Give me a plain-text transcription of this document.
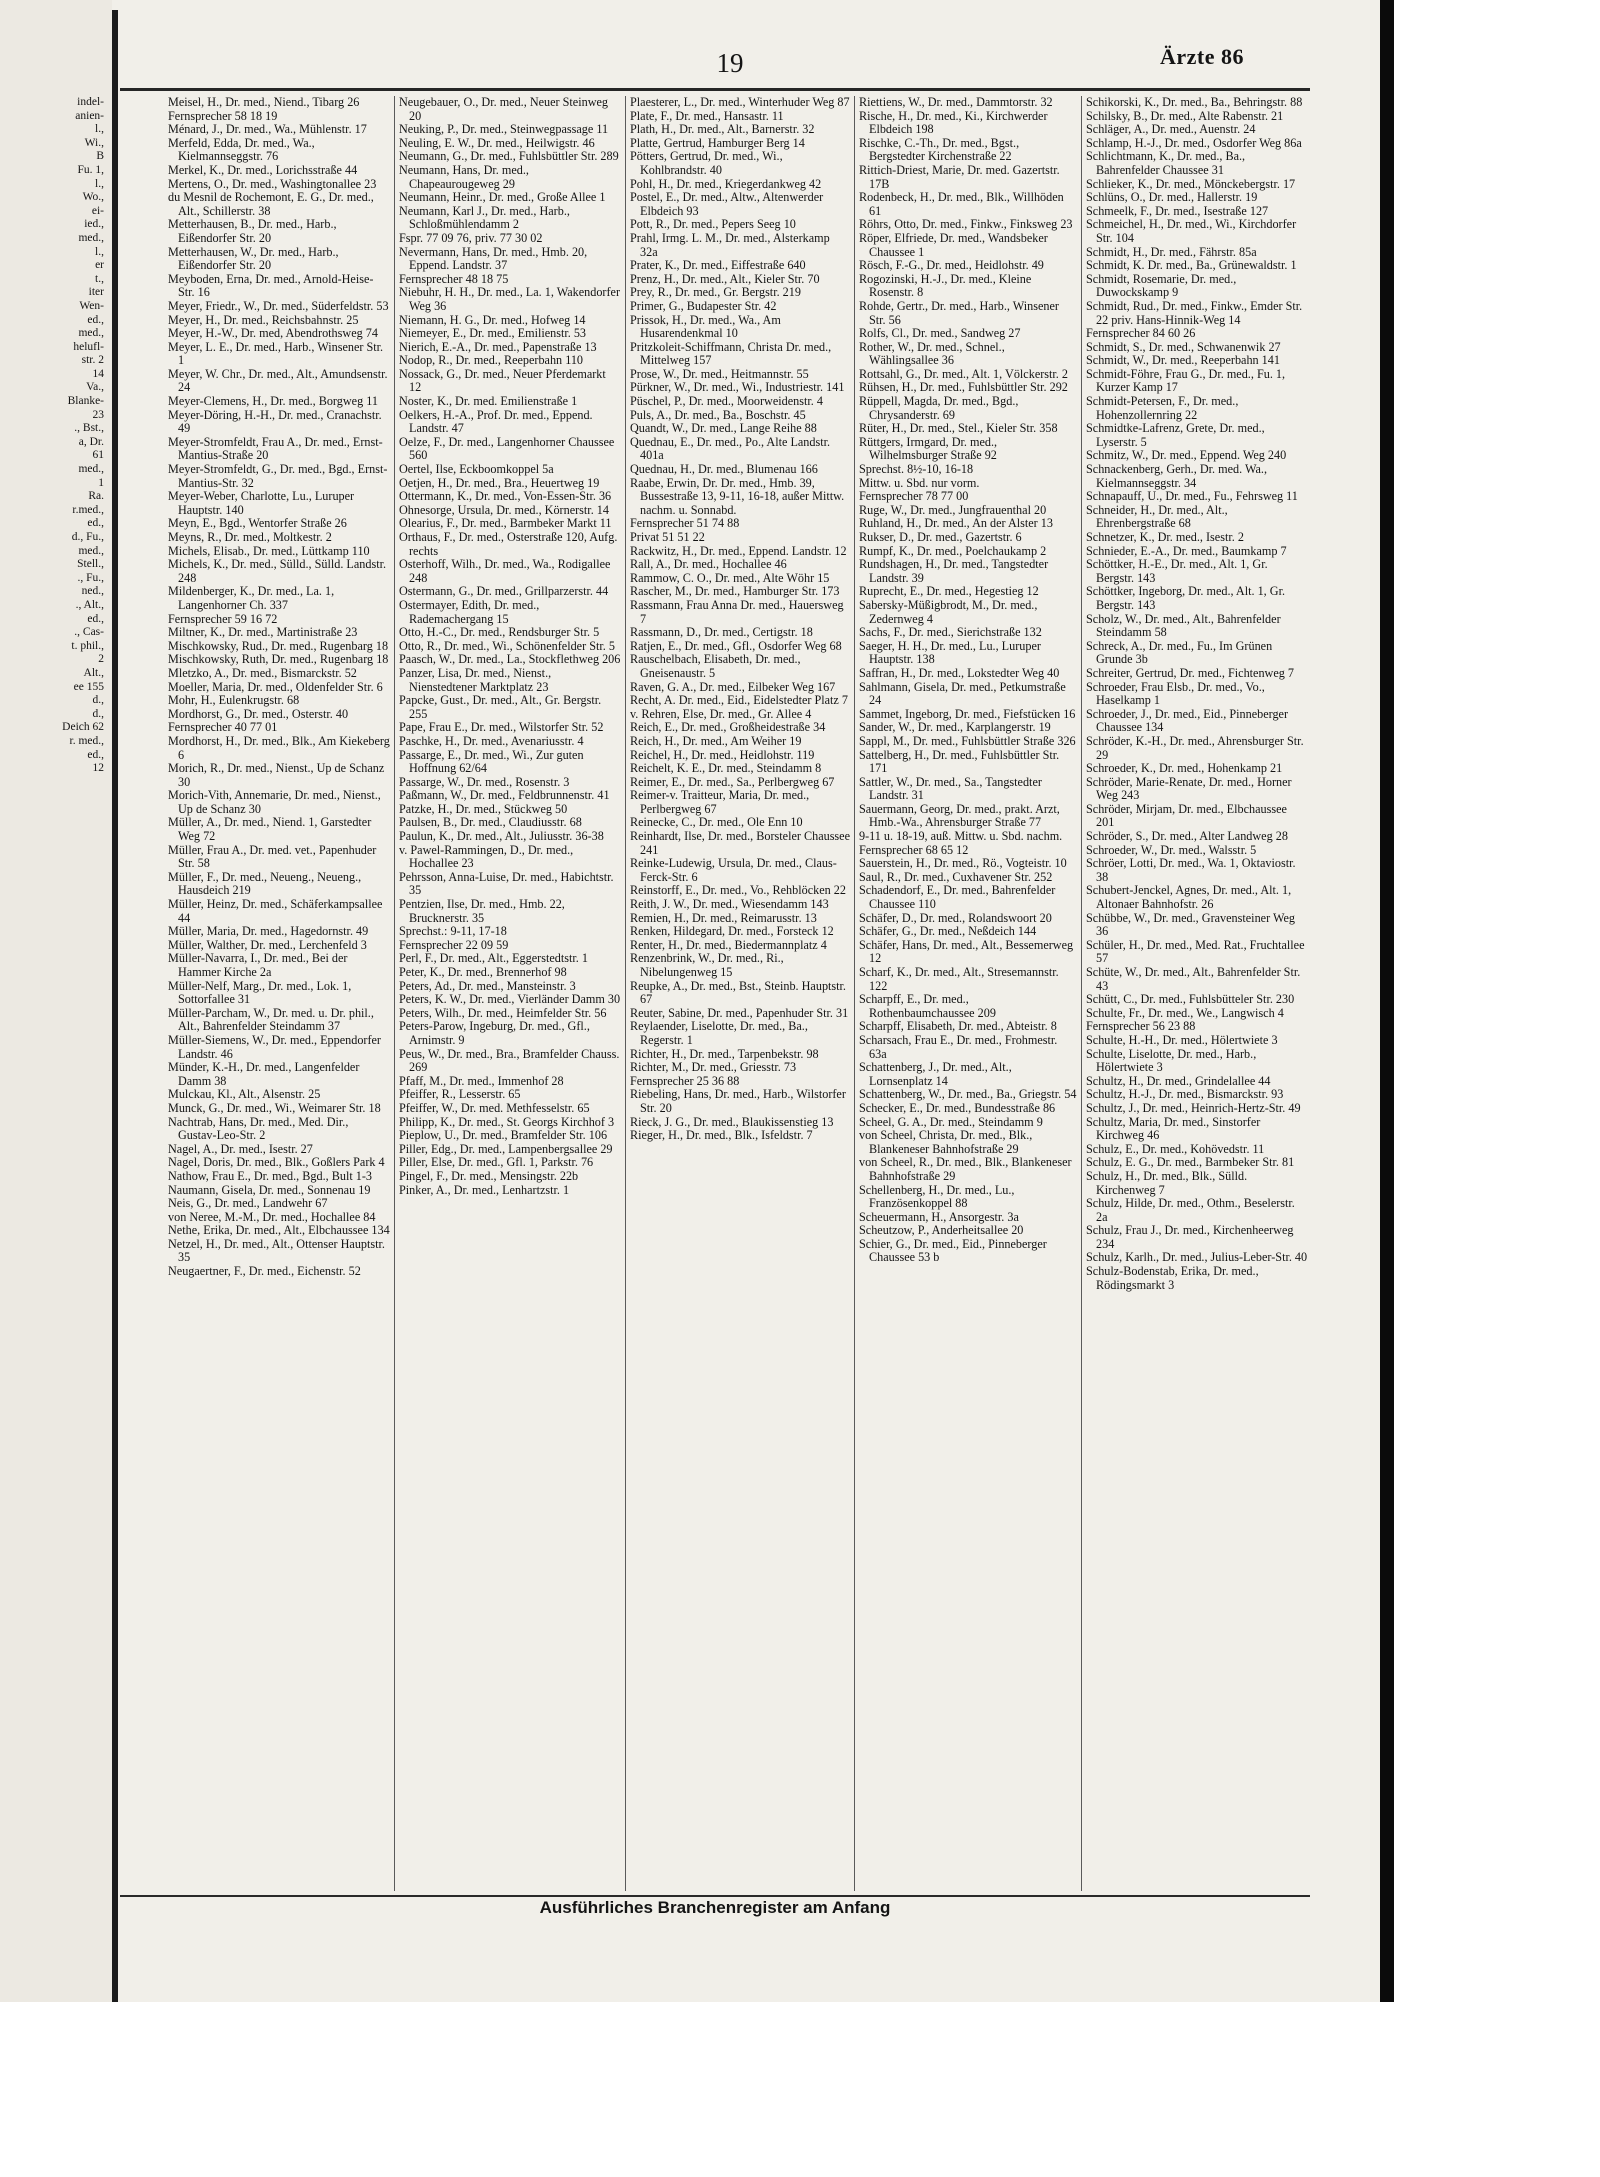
indel-
anien-
l.,
Wi.,
B
Fu. 1,
l.,
Wo.,
ei-
ied.,
med.,
l.,
er
t.,
iter
Wen-
ed.,
med.,
helufl-
str. 2
14
Va.,
Blanke-
23
., Bst.,
a, Dr.
61
med.,
1
Ra.
r.med.,
ed.,
d., Fu.,
med.,
Stell.,
., Fu.,
ned.,
., Alt.,
ed.,
., Cas-
t. phil.,
2
Alt.,
ee 155
d.,
d.,
Deich 62
r. med.,
ed.,
12
19	Ärzte 86

Meisel, H., Dr. med., Niend., Tibarg 26

Fernsprecher 58 18 19

Ménard, J., Dr. med., Wa., Mühlenstr. 17

Merfeld, Edda, Dr. med., Wa., Kielmannseggstr. 76

Merkel, K., Dr. med., Lorichsstraße 44

Mertens, O., Dr. med., Washingtonallee 23

du Mesnil de Rochemont, E. G., Dr. med., Alt., Schillerstr. 38

Metterhausen, B., Dr. med., Harb., Eißendorfer Str. 20

Metterhausen, W., Dr. med., Harb., Eißendorfer Str. 20

Meyboden, Erna, Dr. med., Arnold-Heise-Str. 16

Meyer, Friedr., W., Dr. med., Süderfeldstr. 53

Meyer, H., Dr. med., Reichsbahnstr. 25

Meyer, H.-W., Dr. med, Abendrothsweg 74

Meyer, L. E., Dr. med., Harb., Winsener Str. 1

Meyer, W. Chr., Dr. med., Alt., Amundsenstr. 24

Meyer-Clemens, H., Dr. med., Borgweg 11

Meyer-Döring, H.-H., Dr. med., Cranachstr. 49

Meyer-Stromfeldt, Frau A., Dr. med., Ernst-Mantius-Straße 20

Meyer-Stromfeldt, G., Dr. med., Bgd., Ernst-Mantius-Str. 32

Meyer-Weber, Charlotte, Lu., Luruper Hauptstr. 140

Meyn, E., Bgd., Wentorfer Straße 26

Meyns, R., Dr. med., Moltkestr. 2

Michels, Elisab., Dr. med., Lüttkamp 110

Michels, K., Dr. med., Sülld., Sülld. Landstr. 248

Mildenberger, K., Dr. med., La. 1, Langenhorner Ch. 337

Fernsprecher 59 16 72

Miltner, K., Dr. med., Martinistraße 23

Mischkowsky, Rud., Dr. med., Rugenbarg 18

Mischkowsky, Ruth, Dr. med., Rugenbarg 18

Mletzko, A., Dr. med., Bismarckstr. 52

Moeller, Maria, Dr. med., Oldenfelder Str. 6

Mohr, H., Eulenkrugstr. 68

Mordhorst, G., Dr. med., Osterstr. 40

Fernsprecher 40 77 01

Mordhorst, H., Dr. med., Blk., Am Kiekeberg 6

Morich, R., Dr. med., Nienst., Up de Schanz 30

Morich-Vith, Annemarie, Dr. med., Nienst., Up de Schanz 30

Müller, A., Dr. med., Niend. 1, Garstedter Weg 72

Müller, Frau A., Dr. med. vet., Papenhuder Str. 58

Müller, F., Dr. med., Neueng., Neueng., Hausdeich 219

Müller, Heinz, Dr. med., Schäferkampsallee 44

Müller, Maria, Dr. med., Hagedornstr. 49

Müller, Walther, Dr. med., Lerchenfeld 3

Müller-Navarra, I., Dr. med., Bei der Hammer Kirche 2a

Müller-Nelf, Marg., Dr. med., Lok. 1, Sottorfallee 31

Müller-Parcham, W., Dr. med. u. Dr. phil., Alt., Bahrenfelder Steindamm 37

Müller-Siemens, W., Dr. med., Eppendorfer Landstr. 46

Münder, K.-H., Dr. med., Langenfelder Damm 38

Mulckau, Kl., Alt., Alsenstr. 25

Munck, G., Dr. med., Wi., Weimarer Str. 18

Nachtrab, Hans, Dr. med., Med. Dir., Gustav-Leo-Str. 2

Nagel, A., Dr. med., Isestr. 27

Nagel, Doris, Dr. med., Blk., Goßlers Park 4

Nathow, Frau E., Dr. med., Bgd., Bult 1-3

Naumann, Gisela, Dr. med., Sonnenau 19

Neis, G., Dr. med., Landwehr 67

von Neree, M.-M., Dr. med., Hochallee 84

Nethe, Erika, Dr. med., Alt., Elbchaussee 134

Netzel, H., Dr. med., Alt., Ottenser Hauptstr. 35

Neugaertner, F., Dr. med., Eichenstr. 52

Neugebauer, O., Dr. med., Neuer Steinweg 20

Neuking, P., Dr. med., Steinwegpassage 11

Neuling, E. W., Dr. med., Heilwigstr. 46

Neumann, G., Dr. med., Fuhlsbüttler Str. 289

Neumann, Hans, Dr. med., Chapeaurougeweg 29

Neumann, Heinr., Dr. med., Große Allee 1

Neumann, Karl J., Dr. med., Harb., Schloßmühlendamm 2

Fspr. 77 09 76, priv. 77 30 02

Nevermann, Hans, Dr. med., Hmb. 20, Eppend. Landstr. 37

Fernsprecher 48 18 75

Niebuhr, H. H., Dr. med., La. 1, Wakendorfer Weg 36

Niemann, H. G., Dr. med., Hofweg 14

Niemeyer, E., Dr. med., Emilienstr. 53

Nierich, E.-A., Dr. med., Papenstraße 13

Nodop, R., Dr. med., Reeperbahn 110

Nossack, G., Dr. med., Neuer Pferdemarkt 12

Noster, K., Dr. med. Emilienstraße 1

Oelkers, H.-A., Prof. Dr. med., Eppend. Landstr. 47

Oelze, F., Dr. med., Langenhorner Chaussee 560

Oertel, Ilse, Eckboomkoppel 5a

Oetjen, H., Dr. med., Bra., Heuertweg 19

Ottermann, K., Dr. med., Von-Essen-Str. 36

Ohnesorge, Ursula, Dr. med., Körnerstr. 14

Olearius, F., Dr. med., Barmbeker Markt 11

Orthaus, F., Dr. med., Osterstraße 120, Aufg. rechts

Osterhoff, Wilh., Dr. med., Wa., Rodigallee 248

Ostermann, G., Dr. med., Grillparzerstr. 44

Ostermayer, Edith, Dr. med., Rademachergang 15

Otto, H.-C., Dr. med., Rendsburger Str. 5

Otto, R., Dr. med., Wi., Schönenfelder Str. 5

Paasch, W., Dr. med., La., Stockflethweg 206

Panzer, Lisa, Dr. med., Nienst., Nienstedtener Marktplatz 23

Papcke, Gust., Dr. med., Alt., Gr. Bergstr. 255

Pape, Frau E., Dr. med., Wilstorfer Str. 52

Paschke, H., Dr. med., Avenariusstr. 4

Passarge, E., Dr. med., Wi., Zur guten Hoffnung 62/64

Passarge, W., Dr. med., Rosenstr. 3

Paßmann, W., Dr. med., Feldbrunnenstr. 41

Patzke, H., Dr. med., Stückweg 50

Paulsen, B., Dr. med., Claudiusstr. 68

Paulun, K., Dr. med., Alt., Juliusstr. 36-38

v. Pawel-Rammingen, D., Dr. med., Hochallee 23

Pehrsson, Anna-Luise, Dr. med., Habichtstr. 35

Pentzien, Ilse, Dr. med., Hmb. 22, Brucknerstr. 35

Sprechst.: 9-11, 17-18

Fernsprecher 22 09 59

Perl, F., Dr. med., Alt., Eggerstedtstr. 1

Peter, K., Dr. med., Brennerhof 98

Peters, Ad., Dr. med., Mansteinstr. 3

Peters, K. W., Dr. med., Vierländer Damm 30

Peters, Wilh., Dr. med., Heimfelder Str. 56

Peters-Parow, Ingeburg, Dr. med., Gfl., Arnimstr. 9

Peus, W., Dr. med., Bra., Bramfelder Chauss. 269

Pfaff, M., Dr. med., Immenhof 28

Pfeiffer, R., Lesserstr. 65

Pfeiffer, W., Dr. med. Methfesselstr. 65

Philipp, K., Dr. med., St. Georgs Kirchhof 3

Pieplow, U., Dr. med., Bramfelder Str. 106

Piller, Edg., Dr. med., Lampenbergsallee 29

Piller, Else, Dr. med., Gfl. 1, Parkstr. 76

Pingel, F., Dr. med., Mensingstr. 22b

Pinker, A., Dr. med., Lenhartzstr. 1

Plaesterer, L., Dr. med., Winterhuder Weg 87

Plate, F., Dr. med., Hansastr. 11

Plath, H., Dr. med., Alt., Barnerstr. 32

Platte, Gertrud, Hamburger Berg 14

Pötters, Gertrud, Dr. med., Wi., Kohlbrandstr. 40

Pohl, H., Dr. med., Kriegerdankweg 42

Postel, E., Dr. med., Altw., Altenwerder Elbdeich 93

Pott, R., Dr. med., Pepers Seeg 10

Prahl, Irmg. L. M., Dr. med., Alsterkamp 32a

Prater, K., Dr. med., Eiffestraße 640

Prenz, H., Dr. med., Alt., Kieler Str. 70

Prey, R., Dr. med., Gr. Bergstr. 219

Primer, G., Budapester Str. 42

Prissok, H., Dr. med., Wa., Am Husarendenkmal 10

Pritzkoleit-Schiffmann, Christa Dr. med., Mittelweg 157

Prose, W., Dr. med., Heitmannstr. 55

Pürkner, W., Dr. med., Wi., Industriestr. 141

Püschel, P., Dr. med., Moorweidenstr. 4

Puls, A., Dr. med., Ba., Boschstr. 45

Quandt, W., Dr. med., Lange Reihe 88

Quednau, E., Dr. med., Po., Alte Landstr. 401a

Quednau, H., Dr. med., Blumenau 166

Raabe, Erwin, Dr. Dr. med., Hmb. 39, Bussestraße 13, 9-11, 16-18, außer Mittw. nachm. u. Sonnabd.

Fernsprecher 51 74 88

Privat 51 51 22

Rackwitz, H., Dr. med., Eppend. Landstr. 12

Rall, A., Dr. med., Hochallee 46

Rammow, C. O., Dr. med., Alte Wöhr 15

Rascher, M., Dr. med., Hamburger Str. 173

Rassmann, Frau Anna Dr. med., Hauersweg 7

Rassmann, D., Dr. med., Certigstr. 18

Ratjen, E., Dr. med., Gfl., Osdorfer Weg 68

Rauschelbach, Elisabeth, Dr. med., Gneisenaustr. 5

Raven, G. A., Dr. med., Eilbeker Weg 167

Recht, A. Dr. med., Eid., Eidelstedter Platz 7

v. Rehren, Else, Dr. med., Gr. Allee 4

Reich, E., Dr. med., Großheidestraße 34

Reich, H., Dr. med., Am Weiher 19

Reichel, H., Dr. med., Heidlohstr. 119

Reichelt, K. E., Dr. med., Steindamm 8

Reimer, E., Dr. med., Sa., Perlbergweg 67

Reimer-v. Traitteur, Maria, Dr. med., Perlbergweg 67

Reinecke, C., Dr. med., Ole Enn 10

Reinhardt, Ilse, Dr. med., Borsteler Chaussee 241

Reinke-Ludewig, Ursula, Dr. med., Claus-Ferck-Str. 6

Reinstorff, E., Dr. med., Vo., Rehblöcken 22

Reith, J. W., Dr. med., Wiesendamm 143

Remien, H., Dr. med., Reimarusstr. 13

Renken, Hildegard, Dr. med., Forsteck 12

Renter, H., Dr. med., Biedermannplatz 4

Renzenbrink, W., Dr. med., Ri., Nibelungenweg 15

Reupke, A., Dr. med., Bst., Steinb. Hauptstr. 67

Reuter, Sabine, Dr. med., Papenhuder Str. 31

Reylaender, Liselotte, Dr. med., Ba., Regerstr. 1

Richter, H., Dr. med., Tarpenbekstr. 98

Richter, M., Dr. med., Griesstr. 73

Fernsprecher 25 36 88

Riebeling, Hans, Dr. med., Harb., Wilstorfer Str. 20

Rieck, J. G., Dr. med., Blaukissenstieg 13

Rieger, H., Dr. med., Blk., Isfeldstr. 7

Riettiens, W., Dr. med., Dammtorstr. 32

Rische, H., Dr. med., Ki., Kirchwerder Elbdeich 198

Rischke, C.-Th., Dr. med., Bgst., Bergstedter Kirchenstraße 22

Rittich-Driest, Marie, Dr. med. Gazertstr. 17B

Rodenbeck, H., Dr. med., Blk., Willhöden 61

Röhrs, Otto, Dr. med., Finkw., Finksweg 23

Röper, Elfriede, Dr. med., Wandsbeker Chaussee 1

Rösch, F.-G., Dr. med., Heidlohstr. 49

Rogozinski, H.-J., Dr. med., Kleine Rosenstr. 8

Rohde, Gertr., Dr. med., Harb., Winsener Str. 56

Rolfs, Cl., Dr. med., Sandweg 27

Rother, W., Dr. med., Schnel., Wählingsallee 36

Rottsahl, G., Dr. med., Alt. 1, Völckerstr. 2

Rühsen, H., Dr. med., Fuhlsbüttler Str. 292

Rüppell, Magda, Dr. med., Bgd., Chrysanderstr. 69

Rüter, H., Dr. med., Stel., Kieler Str. 358

Rüttgers, Irmgard, Dr. med., Wilhelmsburger Straße 92

Sprechst. 8½-10, 16-18

Mittw. u. Sbd. nur vorm.

Fernsprecher 78 77 00

Ruge, W., Dr. med., Jungfrauenthal 20

Ruhland, H., Dr. med., An der Alster 13

Rukser, D., Dr. med., Gazertstr. 6

Rumpf, K., Dr. med., Poelchaukamp 2

Rundshagen, H., Dr. med., Tangstedter Landstr. 39

Ruprecht, E., Dr. med., Hegestieg 12

Sabersky-Müßigbrodt, M., Dr. med., Zedernweg 4

Sachs, F., Dr. med., Sierichstraße 132

Saeger, H. H., Dr. med., Lu., Luruper Hauptstr. 138

Saffran, H., Dr. med., Lokstedter Weg 40

Sahlmann, Gisela, Dr. med., Petkumstraße 24

Sammet, Ingeborg, Dr. med., Fiefstücken 16

Sander, W., Dr. med., Karplangerstr. 19

Sappl, M., Dr. med., Fuhlsbüttler Straße 326

Sattelberg, H., Dr. med., Fuhlsbüttler Str. 171

Sattler, W., Dr. med., Sa., Tangstedter Landstr. 31

Sauermann, Georg, Dr. med., prakt. Arzt, Hmb.-Wa., Ahrensburger Straße 77

9-11 u. 18-19, auß. Mittw. u. Sbd. nachm.

Fernsprecher 68 65 12

Sauerstein, H., Dr. med., Rö., Vogteistr. 10

Saul, R., Dr. med., Cuxhavener Str. 252

Schadendorf, E., Dr. med., Bahrenfelder Chaussee 110

Schäfer, D., Dr. med., Rolandswoort 20

Schäfer, G., Dr. med., Neßdeich 144

Schäfer, Hans, Dr. med., Alt., Bessemerweg 12

Scharf, K., Dr. med., Alt., Stresemannstr. 122

Scharpff, E., Dr. med., Rothenbaumchaussee 209

Scharpff, Elisabeth, Dr. med., Abteistr. 8

Scharsach, Frau E., Dr. med., Frohmestr. 63a

Schattenberg, J., Dr. med., Alt., Lornsenplatz 14

Schattenberg, W., Dr. med., Ba., Griegstr. 54

Schecker, E., Dr. med., Bundesstraße 86

Scheel, G. A., Dr. med., Steindamm 9

von Scheel, Christa, Dr. med., Blk., Blankeneser Bahnhofstraße 29

von Scheel, R., Dr. med., Blk., Blankeneser Bahnhofstraße 29

Schellenberg, H., Dr. med., Lu., Französenkoppel 88

Scheuermann, H., Ansorgestr. 3a

Scheutzow, P., Anderheitsallee 20

Schier, G., Dr. med., Eid., Pinneberger Chaussee 53 b

Schikorski, K., Dr. med., Ba., Behringstr. 88

Schilsky, B., Dr. med., Alte Rabenstr. 21

Schläger, A., Dr. med., Auenstr. 24

Schlamp, H.-J., Dr. med., Osdorfer Weg 86a

Schlichtmann, K., Dr. med., Ba., Bahrenfelder Chaussee 31

Schlieker, K., Dr. med., Mönckebergstr. 17

Schlüns, O., Dr. med., Hallerstr. 19

Schmeelk, F., Dr. med., Isestraße 127

Schmeichel, H., Dr. med., Wi., Kirchdorfer Str. 104

Schmidt, H., Dr. med., Fährstr. 85a

Schmidt, K. Dr. med., Ba., Grünewaldstr. 1

Schmidt, Rosemarie, Dr. med., Duwockskamp 9

Schmidt, Rud., Dr. med., Finkw., Emder Str. 22 priv. Hans-Hinnik-Weg 14

Fernsprecher 84 60 26

Schmidt, S., Dr. med., Schwanenwik 27

Schmidt, W., Dr. med., Reeperbahn 141

Schmidt-Föhre, Frau G., Dr. med., Fu. 1, Kurzer Kamp 17

Schmidt-Petersen, F., Dr. med., Hohenzollernring 22

Schmidtke-Lafrenz, Grete, Dr. med., Lyserstr. 5

Schmitz, W., Dr. med., Eppend. Weg 240

Schnackenberg, Gerh., Dr. med. Wa., Kielmannseggstr. 34

Schnapauff, U., Dr. med., Fu., Fehrsweg 11

Schneider, H., Dr. med., Alt., Ehrenbergstraße 68

Schnetzer, K., Dr. med., Isestr. 2

Schnieder, E.-A., Dr. med., Baumkamp 7

Schöttker, H.-E., Dr. med., Alt. 1, Gr. Bergstr. 143

Schöttker, Ingeborg, Dr. med., Alt. 1, Gr. Bergstr. 143

Scholz, W., Dr. med., Alt., Bahrenfelder Steindamm 58

Schreck, A., Dr. med., Fu., Im Grünen Grunde 3b

Schreiter, Gertrud, Dr. med., Fichtenweg 7

Schroeder, Frau Elsb., Dr. med., Vo., Haselkamp 1

Schroeder, J., Dr. med., Eid., Pinneberger Chaussee 134

Schröder, K.-H., Dr. med., Ahrensburger Str. 29

Schroeder, K., Dr. med., Hohenkamp 21

Schröder, Marie-Renate, Dr. med., Horner Weg 243

Schröder, Mirjam, Dr. med., Elbchaussee 201

Schröder, S., Dr. med., Alter Landweg 28

Schroeder, W., Dr. med., Walsstr. 5

Schröer, Lotti, Dr. med., Wa. 1, Oktaviostr. 38

Schubert-Jenckel, Agnes, Dr. med., Alt. 1, Altonaer Bahnhofstr. 26

Schübbe, W., Dr. med., Gravensteiner Weg 36

Schüler, H., Dr. med., Med. Rat., Fruchtallee 57

Schüte, W., Dr. med., Alt., Bahrenfelder Str. 43

Schütt, C., Dr. med., Fuhlsbütteler Str. 230

Schulte, Fr., Dr. med., We., Langwisch 4

Fernsprecher 56 23 88

Schulte, H.-H., Dr. med., Hölertwiete 3

Schulte, Liselotte, Dr. med., Harb., Hölertwiete 3

Schultz, H., Dr. med., Grindelallee 44

Schultz, H.-J., Dr. med., Bismarckstr. 93

Schultz, J., Dr. med., Heinrich-Hertz-Str. 49

Schultz, Maria, Dr. med., Sinstorfer Kirchweg 46

Schulz, E., Dr. med., Kohövedstr. 11

Schulz, E. G., Dr. med., Barmbeker Str. 81

Schulz, H., Dr. med., Blk., Sülld. Kirchenweg 7

Schulz, Hilde, Dr. med., Othm., Beselerstr. 2a

Schulz, Frau J., Dr. med., Kirchenheerweg 234

Schulz, Karlh., Dr. med., Julius-Leber-Str. 40

Schulz-Bodenstab, Erika, Dr. med., Rödingsmarkt 3

Ausführliches Branchenregister am Anfang
